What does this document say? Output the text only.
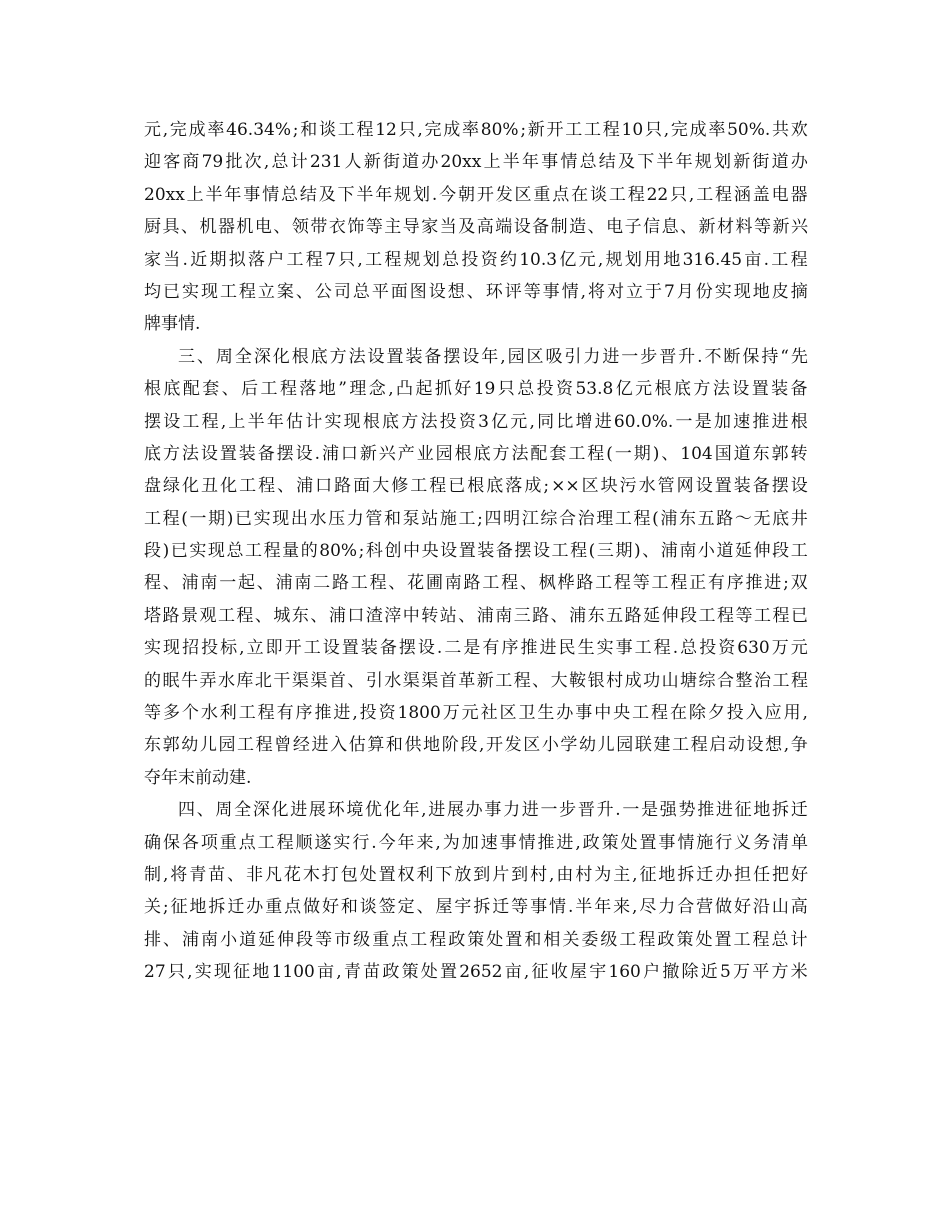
元 , 完 成 率 46.34% ; 和 谈 工 程 12 只 , 完 成 率 80% ; 新 开 工 工 程 10 只 , 完 成 率 50%. 共 欢
迎 客 商 79 批 次 , 总 计 231 人 新 街 道 办 20xx 上 半 年 事 情 总 结 及 下 半 年 规 划 新 街 道 办
20xx 上 半 年 事 情 总 结 及 下 半 年 规 划 . 今 朝 开 发 区 重 点 在 谈 工 程 22 只 , 工 程 涵 盖 电 器
厨 具 、 机 器 机 电 、 领 带 衣 饰 等 主 导 家 当 及 高 端 设 备 制 造 、 电 子 信 息 、 新 材 料 等 新 兴
家 当 . 近 期 拟 落 户 工 程 7 只 , 工 程 规 划 总 投 资 约 10.3 亿 元 , 规 划 用 地 316.45 亩 . 工 程
均 已 实 现 工 程 立 案 、 公 司 总 平 面 图 设 想 、 环 评 等 事 情 , 将 对 立 于 7 月 份 实 现 地 皮 摘
牌事情.
三 、 周 全 深 化 根 底 方 法 设 置 装 备 摆 设 年 , 园 区 吸 引 力 进 一 步 晋 升 . 不 断 保 持 “ 先
根 底 配 套 、 后 工 程 落 地 ” 理 念 , 凸 起 抓 好 19 只 总 投 资 53.8 亿 元 根 底 方 法 设 置 装 备
摆 设 工 程 , 上 半 年 估 计 实 现 根 底 方 法 投 资 3 亿 元 , 同 比 增 进 60.0%. 一 是 加 速 推 进 根
底 方 法 设 置 装 备 摆 设 . 浦 口 新 兴 产 业 园 根 底 方 法 配 套 工 程 ( 一 期 ) 、 104 国 道 东 郭 转
盘 绿 化 丑 化 工 程 、 浦 口 路 面 大 修 工 程 已 根 底 落 成 ; ×× 区 块 污 水 管 网 设 置 装 备 摆 设
工 程 ( 一 期 ) 已 实 现 出 水 压 力 管 和 泵 站 施 工 ; 四 明 江 综 合 治 理 工 程 ( 浦 东 五 路 ～ 无 底 井
段 ) 已 实 现 总 工 程 量 的 80% ; 科 创 中 央 设 置 装 备 摆 设 工 程 ( 三 期 ) 、 浦 南 小 道 延 伸 段 工
程 、 浦 南 一 起 、 浦 南 二 路 工 程 、 花 圃 南 路 工 程 、 枫 桦 路 工 程 等 工 程 正 有 序 推 进 ; 双
塔 路 景 观 工 程 、 城 东 、 浦 口 渣 滓 中 转 站 、 浦 南 三 路 、 浦 东 五 路 延 伸 段 工 程 等 工 程 已
实 现 招 投 标 , 立 即 开 工 设 置 装 备 摆 设 . 二 是 有 序 推 进 民 生 实 事 工 程 . 总 投 资 630 万 元
的 眠 牛 弄 水 库 北 干 渠 渠 首 、 引 水 渠 渠 首 革 新 工 程 、 大 鞍 银 村 成 功 山 塘 综 合 整 治 工 程
等 多 个 水 利 工 程 有 序 推 进 , 投 资 1800 万 元 社 区 卫 生 办 事 中 央 工 程 在 除 夕 投 入 应 用 ,
东 郭 幼 儿 园 工 程 曾 经 进 入 估 算 和 供 地 阶 段 , 开 发 区 小 学 幼 儿 园 联 建 工 程 启 动 设 想 , 争
夺年末前动建.
四 、 周 全 深 化 进 展 环 境 优 化 年 , 进 展 办 事 力 进 一 步 晋 升 . 一 是 强 势 推 进 征 地 拆 迁
确 保 各 项 重 点 工 程 顺 遂 实 行 . 今 年 来 , 为 加 速 事 情 推 进 , 政 策 处 置 事 情 施 行 义 务 清 单
制 , 将 青 苗 、 非 凡 花 木 打 包 处 置 权 利 下 放 到 片 到 村 , 由 村 为 主 , 征 地 拆 迁 办 担 任 把 好
关 ; 征 地 拆 迁 办 重 点 做 好 和 谈 签 定 、 屋 宇 拆 迁 等 事 情 . 半 年 来 , 尽 力 合 营 做 好 沿 山 高
排 、 浦 南 小 道 延 伸 段 等 市 级 重 点 工 程 政 策 处 置 和 相 关 委 级 工 程 政 策 处 置 工 程 总 计
27 只 , 实 现 征 地 1100 亩 , 青 苗 政 策 处 置 2652 亩 , 征 收 屋 宇 160 户 撤 除 近 5 万 平 方 米
